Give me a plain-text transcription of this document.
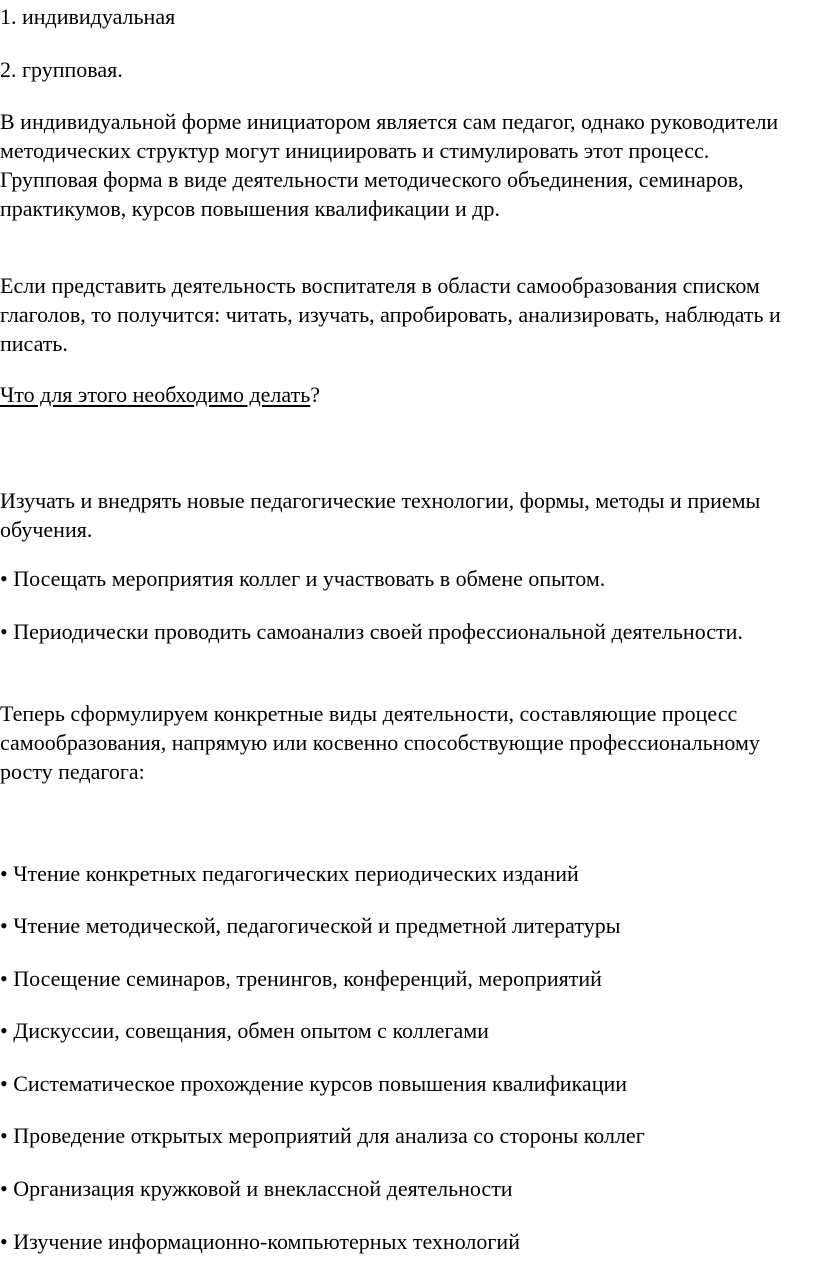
1. индивидуальная

2. групповая.

В индивидуальной форме инициатором является сам педагог, однако руководители методических структур могут инициировать и стимулировать этот процесс. Групповая форма в виде деятельности методического объединения, семинаров, практикумов, курсов повышения квалификации и др.

Если представить деятельность воспитателя в области самообразования списком глаголов, то получится: читать, изучать, апробировать, анализировать, наблюдать и писать.

Что для этого необходимо делать?

Изучать и внедрять новые педагогические технологии, формы, методы и приемы обучения.

• Посещать мероприятия коллег и участвовать в обмене опытом.

• Периодически проводить самоанализ своей профессиональной деятельности.

Теперь сформулируем конкретные виды деятельности, составляющие процесс самообразования, напрямую или косвенно способствующие профессиональному росту педагога:

• Чтение конкретных педагогических периодических изданий

• Чтение методической, педагогической и предметной литературы

• Посещение семинаров, тренингов, конференций, мероприятий

• Дискуссии, совещания, обмен опытом с коллегами

• Систематическое прохождение курсов повышения квалификации

• Проведение открытых мероприятий для анализа со стороны коллег

• Организация кружковой и внеклассной деятельности

• Изучение информационно-компьютерных технологий
